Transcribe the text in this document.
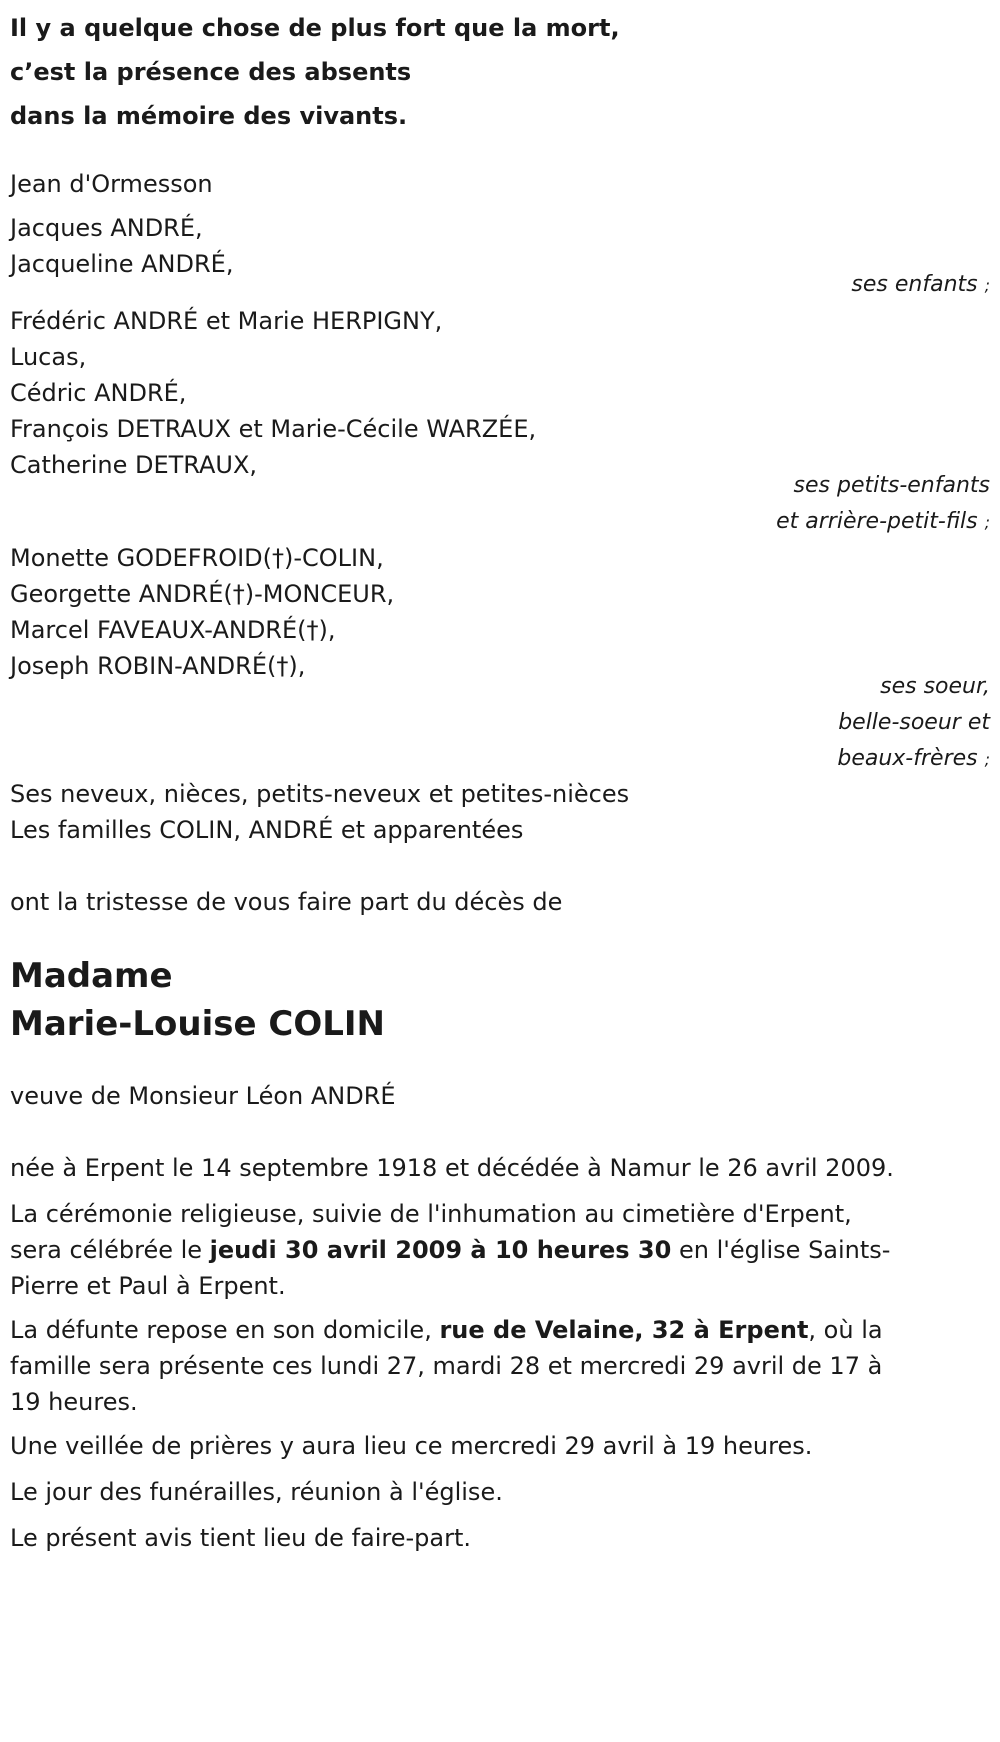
Il y a quelque chose de plus fort que la mort,
c’est la présence des absents
dans la mémoire des vivants.
Jean d'Ormesson
Jacques ANDRÉ,
Jacqueline ANDRÉ,
ses enfants ;
Frédéric ANDRÉ et Marie HERPIGNY,
Lucas,
Cédric ANDRÉ,
François DETRAUX et Marie-Cécile WARZÉE,
Catherine DETRAUX,
ses petits-enfants
et arrière-petit-fils ;
Monette GODEFROID(†)-COLIN,
Georgette ANDRÉ(†)-MONCEUR,
Marcel FAVEAUX-ANDRÉ(†),
Joseph ROBIN-ANDRÉ(†),
ses soeur,
belle-soeur et
beaux-frères ;
Ses neveux, nièces, petits-neveux et petites-nièces
Les familles COLIN, ANDRÉ et apparentées
ont la tristesse de vous faire part du décès de
Madame
Marie-Louise COLIN
veuve de Monsieur Léon ANDRÉ
née à Erpent le 14 septembre 1918 et décédée à Namur le 26 avril 2009.
La cérémonie religieuse, suivie de l'inhumation au cimetière d'Erpent, sera célébrée le jeudi 30 avril 2009 à 10 heures 30 en l'église Saints-Pierre et Paul à Erpent.
La défunte repose en son domicile, rue de Velaine, 32 à Erpent, où la famille sera présente ces lundi 27, mardi 28 et mercredi 29 avril de 17 à 19 heures.
Une veillée de prières y aura lieu ce mercredi 29 avril à 19 heures.
Le jour des funérailles, réunion à l'église.
Le présent avis tient lieu de faire-part.
